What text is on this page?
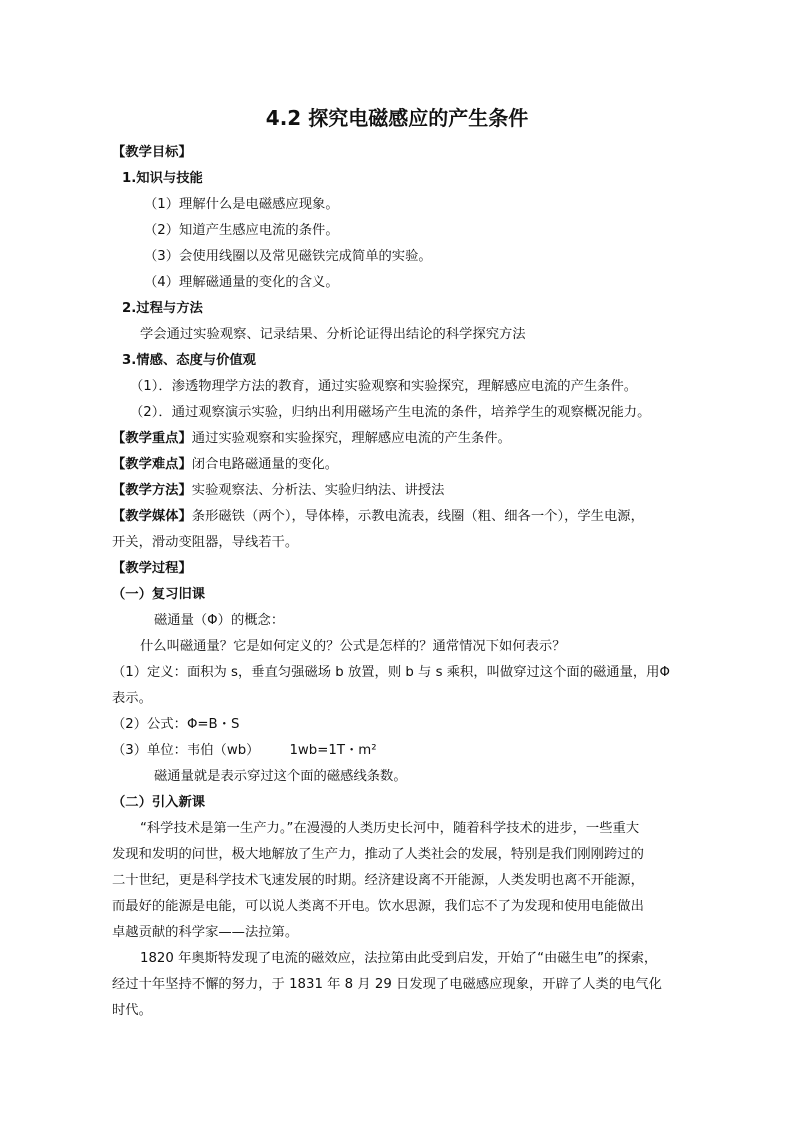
4.2 探究电磁感应的产生条件
【教学目标】
1.知识与技能
（1）理解什么是电磁感应现象。
（2）知道产生感应电流的条件。
（3）会使用线圈以及常见磁铁完成简单的实验。
（4）理解磁通量的变化的含义。
2.过程与方法
学会通过实验观察、记录结果、分析论证得出结论的科学探究方法
3.情感、态度与价值观
（1）．渗透物理学方法的教育，通过实验观察和实验探究，理解感应电流的产生条件。
（2）．通过观察演示实验，归纳出利用磁场产生电流的条件，培养学生的观察概况能力。
【教学重点】通过实验观察和实验探究，理解感应电流的产生条件。
【教学难点】闭合电路磁通量的变化。
【教学方法】实验观察法、分析法、实验归纳法、讲授法
【教学媒体】条形磁铁（两个），导体棒，示教电流表，线圈（粗、细各一个），学生电源，
开关，滑动变阻器，导线若干。
【教学过程】
（一）复习旧课
磁通量（Φ）的概念：
什么叫磁通量？它是如何定义的？公式是怎样的？通常情况下如何表示？
（1）定义：面积为 s，垂直匀强磁场 b 放置，则 b 与 s 乘积，叫做穿过这个面的磁通量，用Φ
表示。
（2）公式：Φ=B・S
（3）单位：韦伯（wb） 1wb=1T・m²
磁通量就是表示穿过这个面的磁感线条数。
（二）引入新课
“科学技术是第一生产力。”在漫漫的人类历史长河中，随着科学技术的进步，一些重大
发现和发明的问世，极大地解放了生产力，推动了人类社会的发展，特别是我们刚刚跨过的
二十世纪，更是科学技术飞速发展的时期。经济建设离不开能源，人类发明也离不开能源，
而最好的能源是电能，可以说人类离不开电。饮水思源，我们忘不了为发现和使用电能做出
卓越贡献的科学家——法拉第。
1820 年奥斯特发现了电流的磁效应，法拉第由此受到启发，开始了“由磁生电”的探索，
经过十年坚持不懈的努力，于 1831 年 8 月 29 日发现了电磁感应现象，开辟了人类的电气化
时代。
